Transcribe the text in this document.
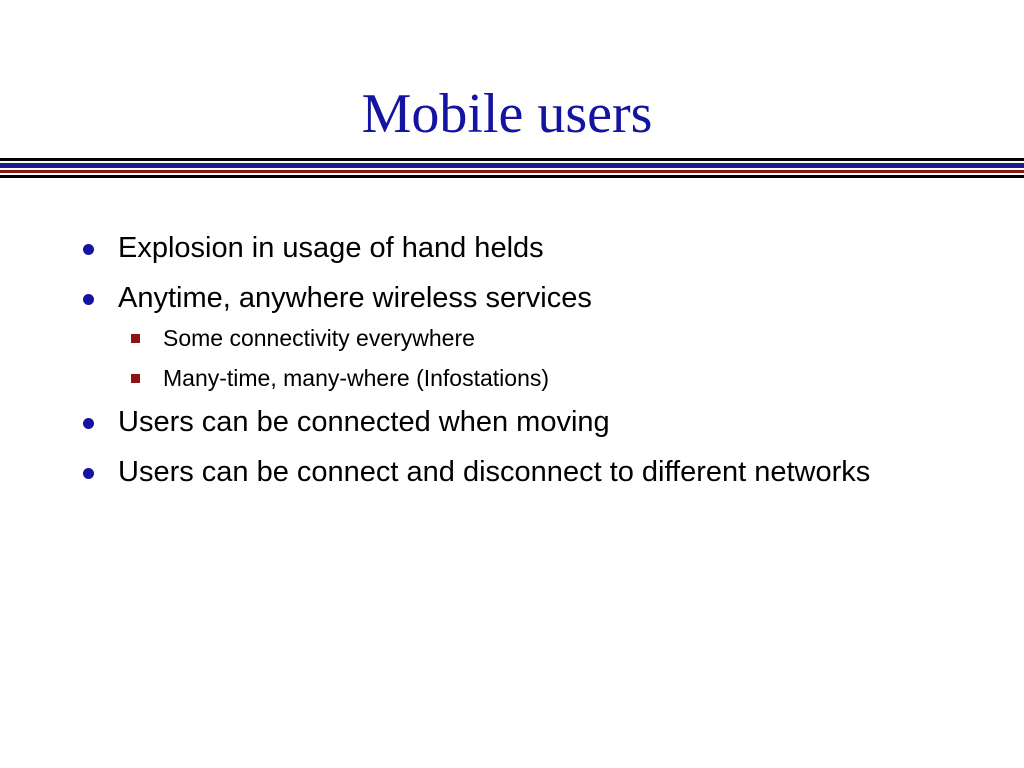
Mobile users
Explosion in usage of hand helds
Anytime, anywhere wireless services
Some connectivity everywhere
Many-time, many-where (Infostations)
Users can be connected when moving
Users can be connect and disconnect to different networks
